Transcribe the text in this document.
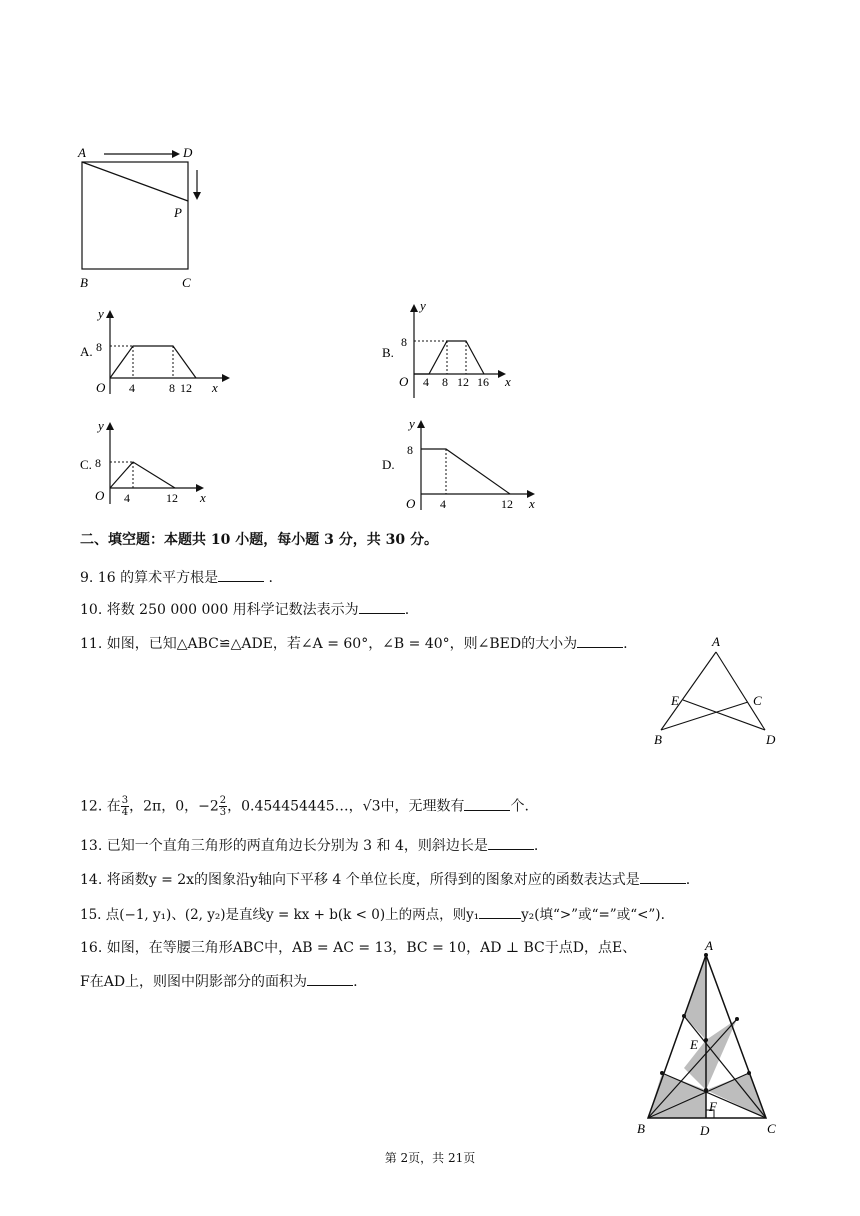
A	D
P
B	C
A.
y
O
8
4	8 12 x
B.
y
O
8
4 8 12 16 x
C.
y
O
8
4	12 x
D.
y
O
8
4	12 x
二、填空题：本题共 10 小题，每小题 3 分，共 30 分。
9. 16 的算术平方根是	.
10. 将数 250 000 000 用科学记数法表示为	.
11. 如图，已知△ABC≌△ADE，若∠A = 60°，∠B = 40°，则∠BED的大小为	.	A
E	C
B	D
12. 在 $\frac{3}{4}$ ，2π，0，$-2 \frac{2}{3}$ ，0.454454445…，√3中，无理数有	个.
13. 已知一个直角三角形的两直角边长分别为 3 和 4，则斜边长是	.
14. 将函数y = 2x的图象沿y轴向下平移 4 个单位长度，所得到的图象对应的函数表达式是	.
15. 点(−1, y₁)、(2, y₂)是直线y = kx + b(k < 0)上的两点，则y₁	y₂(填“>”或“=”或“<”).
16. 如图，在等腰三角形ABC中，AB = AC = 13，BC = 10，AD ⊥ BC于点D，点E、
F在AD上，则图中阴影部分的面积为	.
A
E
F
B	D	C
第 2页，共 21页
